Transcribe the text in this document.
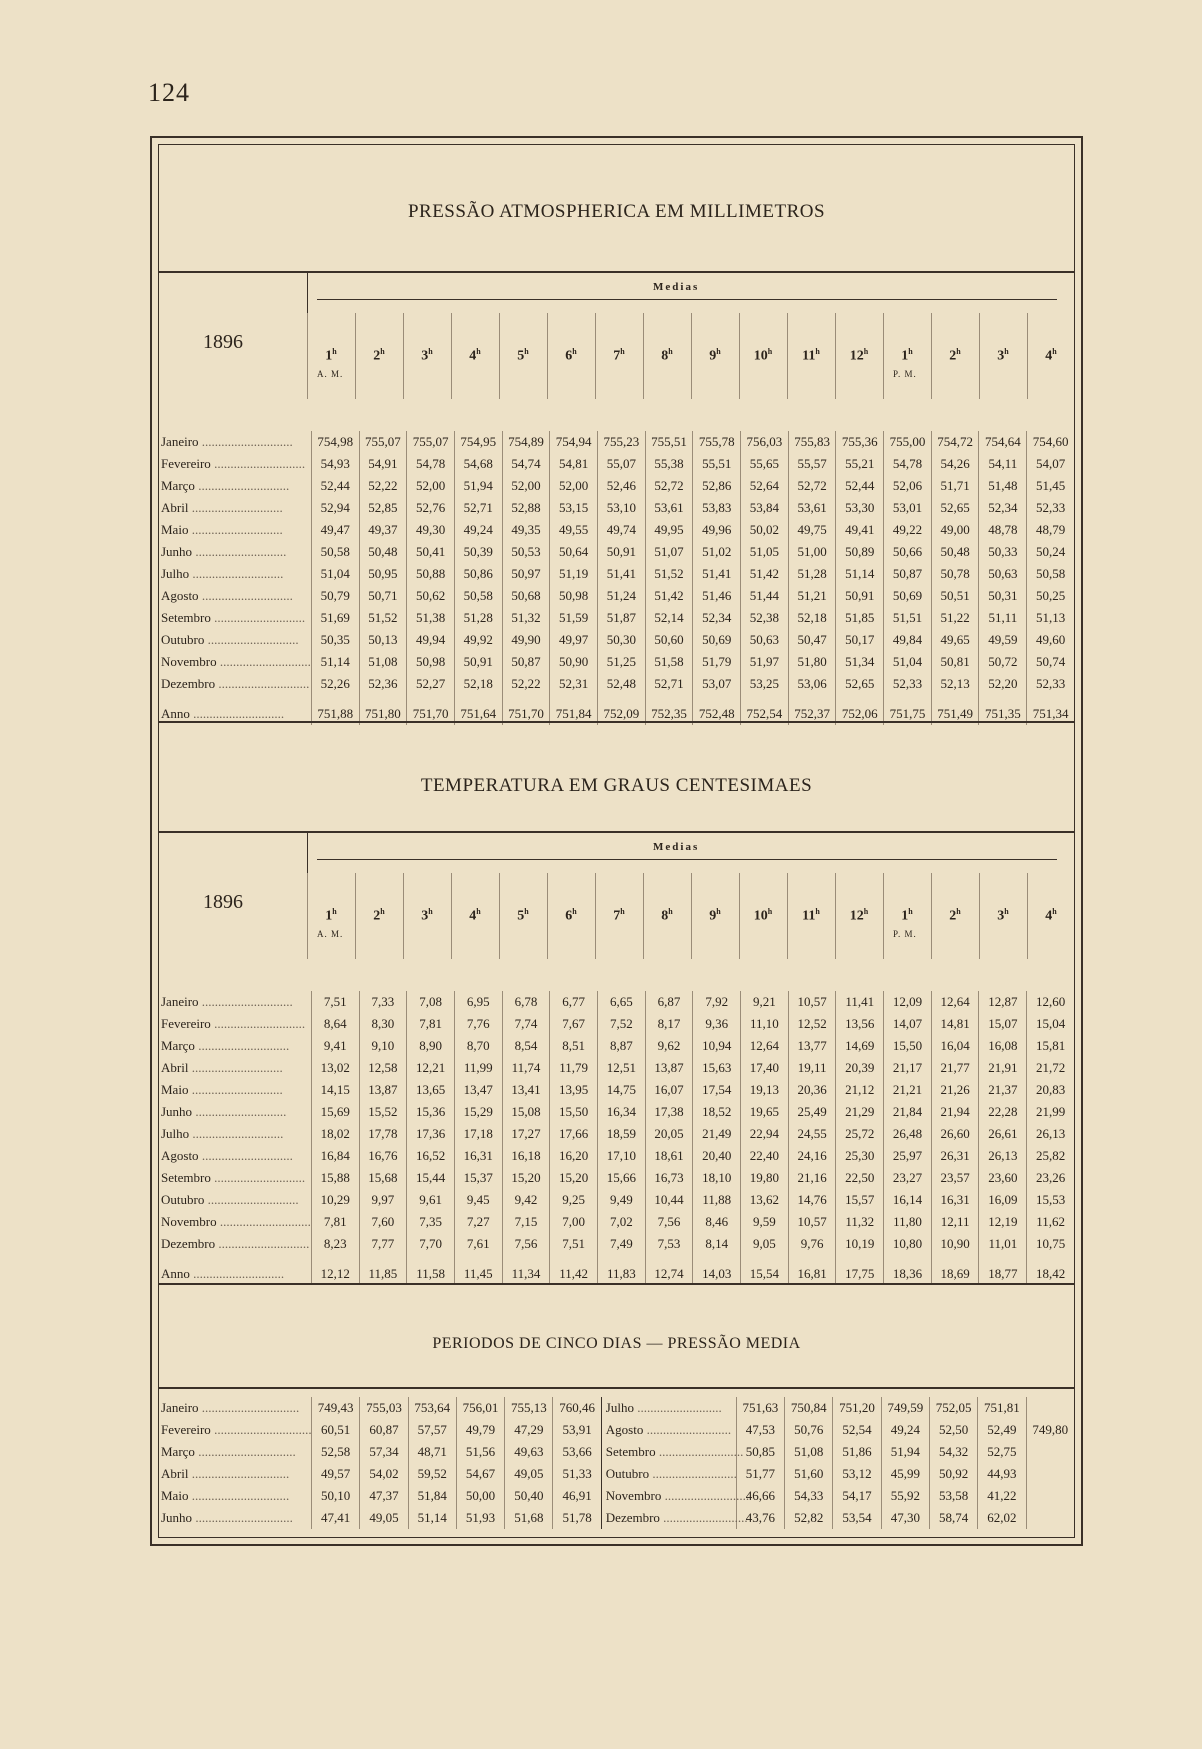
124
PRESSÃO ATMOSPHERICA EM MILLIMETROS
1896
Medias
1$^h$	2$^h$	3$^h$	4$^h$	5$^h$	6$^h$	7$^h$	8$^h$	9$^h$	10$^h$	11$^h$	12$^h$	1$^h$	2$^h$	3$^h$	4$^h$
A. M.	P. M.
Janeiro ............................	754,98	755,07	755,07	754,95	754,89	754,94	755,23	755,51	755,78	756,03	755,83	755,36	755,00	754,72	754,64	754,60
Fevereiro ............................	54,93	54,91	54,78	54,68	54,74	54,81	55,07	55,38	55,51	55,65	55,57	55,21	54,78	54,26	54,11	54,07
Março ............................	52,44	52,22	52,00	51,94	52,00	52,00	52,46	52,72	52,86	52,64	52,72	52,44	52,06	51,71	51,48	51,45
Abril ............................	52,94	52,85	52,76	52,71	52,88	53,15	53,10	53,61	53,83	53,84	53,61	53,30	53,01	52,65	52,34	52,33
Maio ............................	49,47	49,37	49,30	49,24	49,35	49,55	49,74	49,95	49,96	50,02	49,75	49,41	49,22	49,00	48,78	48,79
Junho ............................	50,58	50,48	50,41	50,39	50,53	50,64	50,91	51,07	51,02	51,05	51,00	50,89	50,66	50,48	50,33	50,24
Julho ............................	51,04	50,95	50,88	50,86	50,97	51,19	51,41	51,52	51,41	51,42	51,28	51,14	50,87	50,78	50,63	50,58
Agosto ............................	50,79	50,71	50,62	50,58	50,68	50,98	51,24	51,42	51,46	51,44	51,21	50,91	50,69	50,51	50,31	50,25
Setembro ............................	51,69	51,52	51,38	51,28	51,32	51,59	51,87	52,14	52,34	52,38	52,18	51,85	51,51	51,22	51,11	51,13
Outubro ............................	50,35	50,13	49,94	49,92	49,90	49,97	50,30	50,60	50,69	50,63	50,47	50,17	49,84	49,65	49,59	49,60
Novembro ............................	51,14	51,08	50,98	50,91	50,87	50,90	51,25	51,58	51,79	51,97	51,80	51,34	51,04	50,81	50,72	50,74
Dezembro ............................	52,26	52,36	52,27	52,18	52,22	52,31	52,48	52,71	53,07	53,25	53,06	52,65	52,33	52,13	52,20	52,33
Anno ............................	751,88	751,80	751,70	751,64	751,70	751,84	752,09	752,35	752,48	752,54	752,37	752,06	751,75	751,49	751,35	751,34
TEMPERATURA EM GRAUS CENTESIMAES
1896
Medias
1$^h$	2$^h$	3$^h$	4$^h$	5$^h$	6$^h$	7$^h$	8$^h$	9$^h$	10$^h$	11$^h$	12$^h$	1$^h$	2$^h$	3$^h$	4$^h$
A. M.	P. M.
Janeiro ............................	7,51	7,33	7,08	6,95	6,78	6,77	6,65	6,87	7,92	9,21	10,57	11,41	12,09	12,64	12,87	12,60
Fevereiro ............................	8,64	8,30	7,81	7,76	7,74	7,67	7,52	8,17	9,36	11,10	12,52	13,56	14,07	14,81	15,07	15,04
Março ............................	9,41	9,10	8,90	8,70	8,54	8,51	8,87	9,62	10,94	12,64	13,77	14,69	15,50	16,04	16,08	15,81
Abril ............................	13,02	12,58	12,21	11,99	11,74	11,79	12,51	13,87	15,63	17,40	19,11	20,39	21,17	21,77	21,91	21,72
Maio ............................	14,15	13,87	13,65	13,47	13,41	13,95	14,75	16,07	17,54	19,13	20,36	21,12	21,21	21,26	21,37	20,83
Junho ............................	15,69	15,52	15,36	15,29	15,08	15,50	16,34	17,38	18,52	19,65	25,49	21,29	21,84	21,94	22,28	21,99
Julho ............................	18,02	17,78	17,36	17,18	17,27	17,66	18,59	20,05	21,49	22,94	24,55	25,72	26,48	26,60	26,61	26,13
Agosto ............................	16,84	16,76	16,52	16,31	16,18	16,20	17,10	18,61	20,40	22,40	24,16	25,30	25,97	26,31	26,13	25,82
Setembro ............................	15,88	15,68	15,44	15,37	15,20	15,20	15,66	16,73	18,10	19,80	21,16	22,50	23,27	23,57	23,60	23,26
Outubro ............................	10,29	9,97	9,61	9,45	9,42	9,25	9,49	10,44	11,88	13,62	14,76	15,57	16,14	16,31	16,09	15,53
Novembro ............................	7,81	7,60	7,35	7,27	7,15	7,00	7,02	7,56	8,46	9,59	10,57	11,32	11,80	12,11	12,19	11,62
Dezembro ............................	8,23	7,77	7,70	7,61	7,56	7,51	7,49	7,53	8,14	9,05	9,76	10,19	10,80	10,90	11,01	10,75
Anno ............................	12,12	11,85	11,58	11,45	11,34	11,42	11,83	12,74	14,03	15,54	16,81	17,75	18,36	18,69	18,77	18,42
PERIODOS DE CINCO DIAS — PRESSÃO MEDIA
Janeiro ..............................	749,43	755,03	753,64	756,01	755,13	760,46	Julho ..........................	751,63	750,84	751,20	749,59	752,05	751,81	
Fevereiro ..............................	60,51	60,87	57,57	49,79	47,29	53,91	Agosto ..........................	47,53	50,76	52,54	49,24	52,50	52,49	749,80
Março ..............................	52,58	57,34	48,71	51,56	49,63	53,66	Setembro ..........................	50,85	51,08	51,86	51,94	54,32	52,75	
Abril ..............................	49,57	54,02	59,52	54,67	49,05	51,33	Outubro ..........................	51,77	51,60	53,12	45,99	50,92	44,93	
Maio ..............................	50,10	47,37	51,84	50,00	50,40	46,91	Novembro ..........................	46,66	54,33	54,17	55,92	53,58	41,22	
Junho ..............................	47,41	49,05	51,14	51,93	51,68	51,78	Dezembro ..........................	43,76	52,82	53,54	47,30	58,74	62,02	
